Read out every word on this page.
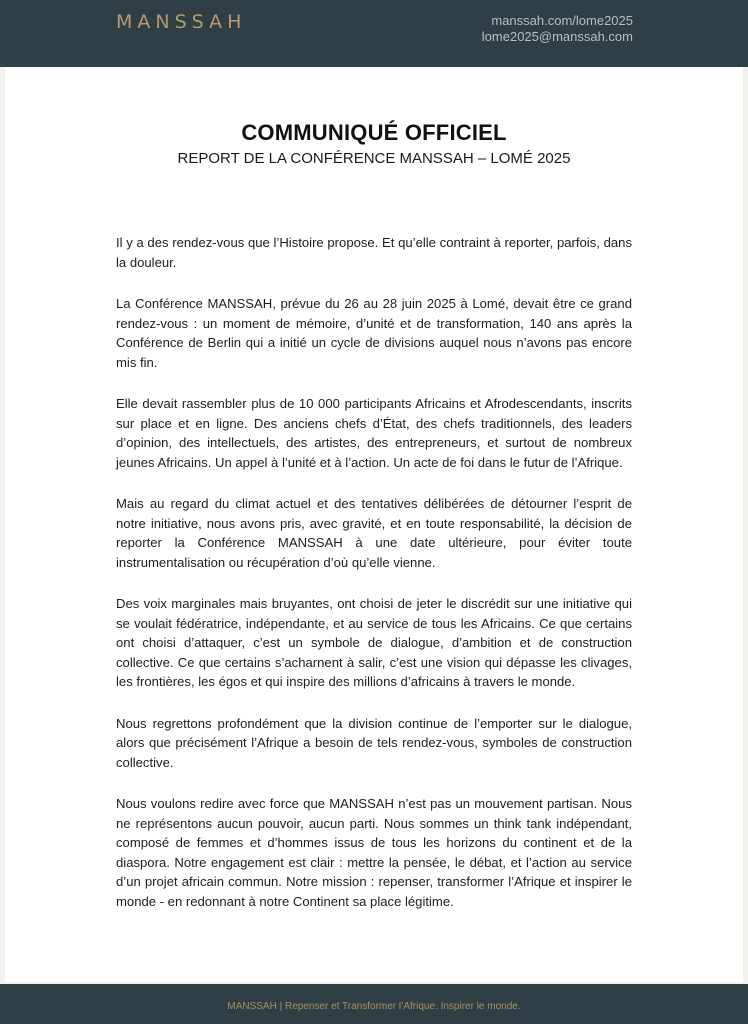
MANSSAH	manssah.com/lome2025
lome2025@manssah.com
COMMUNIQUÉ OFFICIEL
REPORT DE LA CONFÉRENCE MANSSAH – LOMÉ 2025

Il y a des rendez-vous que l’Histoire propose. Et qu’elle contraint à reporter, parfois, dans la douleur.

La Conférence MANSSAH, prévue du 26 au 28 juin 2025 à Lomé, devait être ce grand rendez-vous : un moment de mémoire, d’unité et de transformation, 140 ans après la Conférence de Berlin qui a initié un cycle de divisions auquel nous n’avons pas encore mis fin.

Elle devait rassembler plus de 10 000 participants Africains et Afrodescendants, inscrits sur place et en ligne. Des anciens chefs d’État, des chefs traditionnels, des leaders d’opinion, des intellectuels, des artistes, des entrepreneurs, et surtout de nombreux jeunes Africains. Un appel à l’unité et à l’action. Un acte de foi dans le futur de l’Afrique.

Mais au regard du climat actuel et des tentatives délibérées de détourner l’esprit de notre initiative, nous avons pris, avec gravité, et en toute responsabilité, la décision de reporter la Conférence MANSSAH à une date ultérieure, pour éviter toute instrumentalisation ou récupération d’où qu’elle vienne.

Des voix marginales mais bruyantes, ont choisi de jeter le discrédit sur une initiative qui se voulait fédératrice, indépendante, et au service de tous les Africains. Ce que certains ont choisi d’attaquer, c’est un symbole de dialogue, d’ambition et de construction collective. Ce que certains s’acharnent à salir, c’est une vision qui dépasse les clivages, les frontières, les égos et qui inspire des millions d’africains à travers le monde.

Nous regrettons profondément que la division continue de l’emporter sur le dialogue, alors que précisément l’Afrique a besoin de tels rendez-vous, symboles de construction collective.

Nous voulons redire avec force que MANSSAH n’est pas un mouvement partisan. Nous ne représentons aucun pouvoir, aucun parti. Nous sommes un think tank indépendant, composé de femmes et d’hommes issus de tous les horizons du continent et de la diaspora. Notre engagement est clair : mettre la pensée, le débat, et l’action au service d’un projet africain commun. Notre mission : repenser, transformer l’Afrique et inspirer le monde - en redonnant à notre Continent sa place légitime.

MANSSAH | Repenser et Transformer l’Afrique. Inspirer le monde.
